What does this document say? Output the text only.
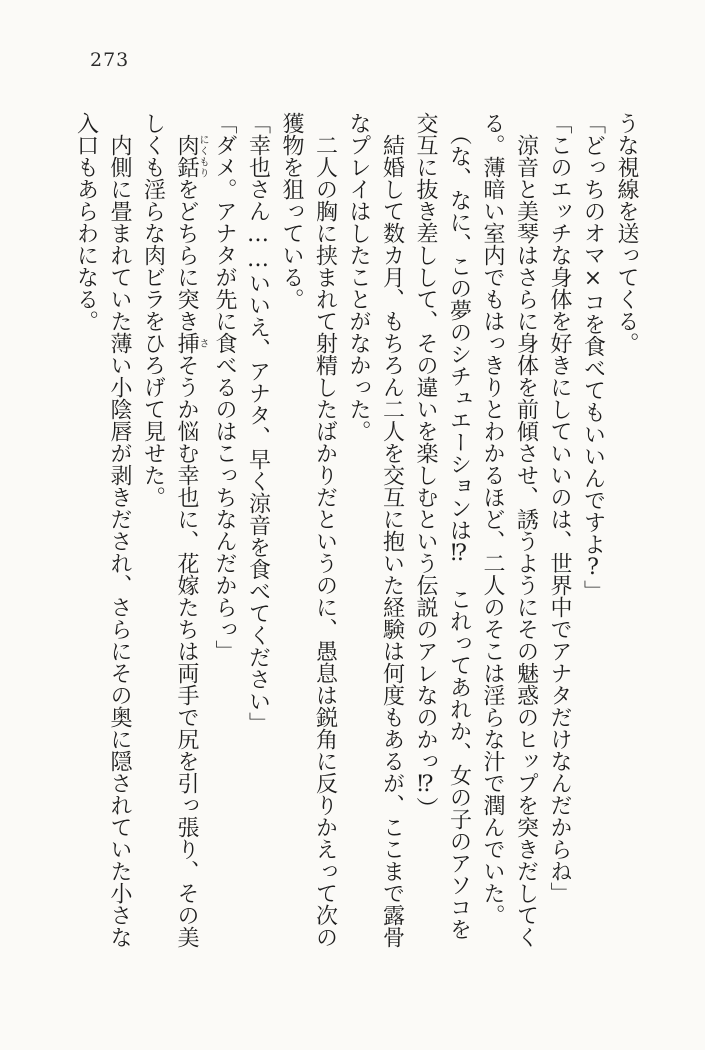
273

うな視線を送ってくる。

「どっちのオマ×コを食べてもいいんですよ?」

「このエッチな身体を好きにしていいのは、世界中でアナタだけなんだからね」

　涼音と美琴はさらに身体を前傾させ、誘うようにその魅惑のヒップを突きだしてくる。薄暗い室内でもはっきりとわかるほど、二人のそこは淫らな汁で潤んでいた。

　（な、なに、この夢のシチュエーションは⁉　これってあれか、女の子のアソコを交互に抜き差しして、その違いを楽しむという伝説のアレなのかっ⁉）

　結婚して数カ月、もちろん二人を交互に抱いた経験は何度もあるが、ここまで露骨なプレイはしたことがなかった。

　二人の胸に挟まれて射精したばかりだというのに、愚息は鋭角に反りかえって次の獲物を狙っている。

「幸也さん……いいえ、アナタ、早く涼音を食べてください」

「ダメ。アナタが先に食べるのはこっちなんだからっ」

　肉銛にくもりをどちらに突き挿さそうか悩む幸也に、花嫁たちは両手で尻を引っ張り、その美しくも淫らな肉ビラをひろげて見せた。

　内側に畳まれていた薄い小陰唇が剥きだされ、さらにその奥に隠されていた小さな入口もあらわになる。
